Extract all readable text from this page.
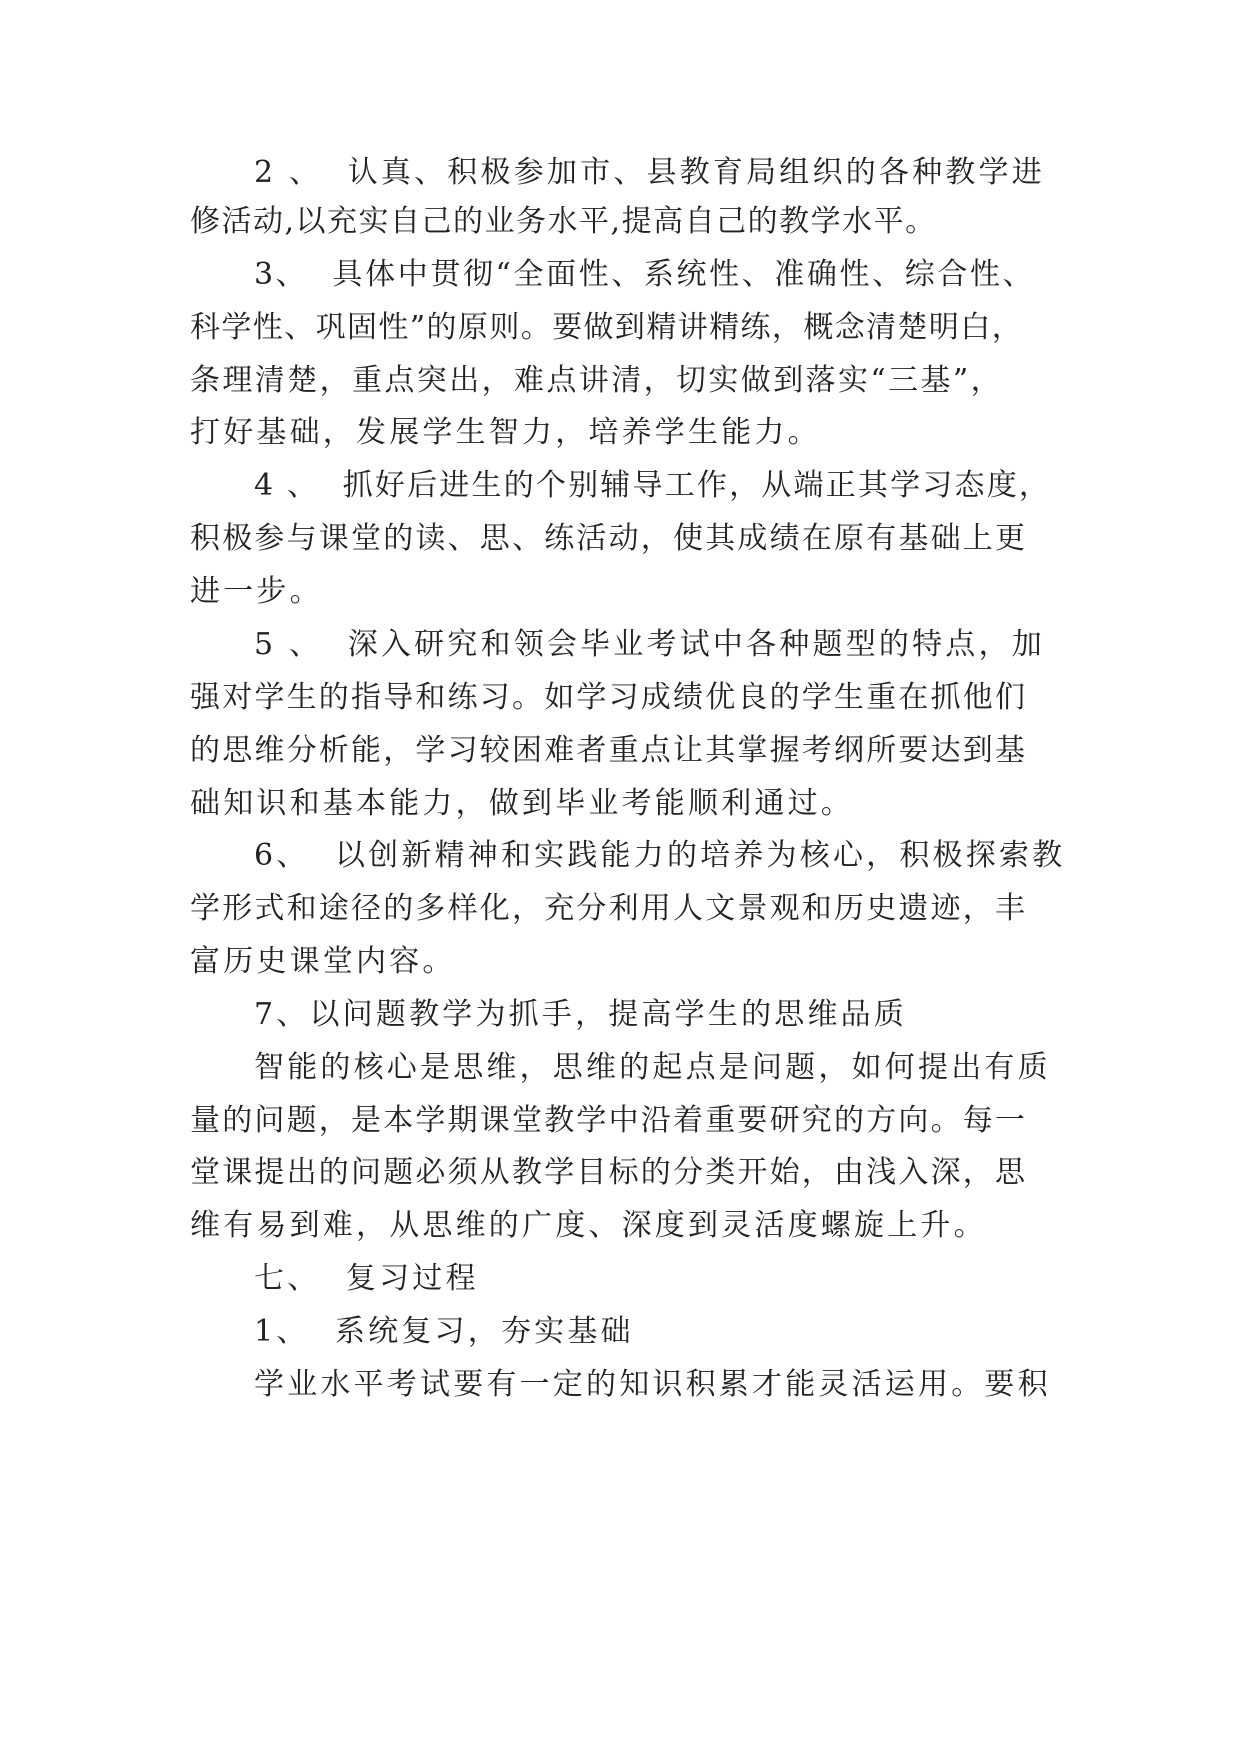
2 、  认真、积极参加市、县教育局组织的各种教学进
修活动,以充实自己的业务水平,提高自己的教学水平。
3、  具体中贯彻“全面性、系统性、准确性、综合性、
科学性、巩固性”的原则。要做到精讲精练，概念清楚明白，
条理清楚，重点突出，难点讲清，切实做到落实“三基”，
打好基础，发展学生智力，培养学生能力。
4 、  抓好后进生的个别辅导工作，从端正其学习态度，
积极参与课堂的读、思、练活动，使其成绩在原有基础上更
进一步。
5 、  深入研究和领会毕业考试中各种题型的特点，加
强对学生的指导和练习。如学习成绩优良的学生重在抓他们
的思维分析能，学习较困难者重点让其掌握考纲所要达到基
础知识和基本能力，做到毕业考能顺利通过。
6、  以创新精神和实践能力的培养为核心，积极探索教
学形式和途径的多样化，充分利用人文景观和历史遗迹，丰
富历史课堂内容。
7、以问题教学为抓手，提高学生的思维品质
智能的核心是思维，思维的起点是问题，如何提出有质
量的问题，是本学期课堂教学中沿着重要研究的方向。每一
堂课提出的问题必须从教学目标的分类开始，由浅入深，思
维有易到难，从思维的广度、深度到灵活度螺旋上升。
七、  复习过程
1、  系统复习，夯实基础
学业水平考试要有一定的知识积累才能灵活运用。要积
